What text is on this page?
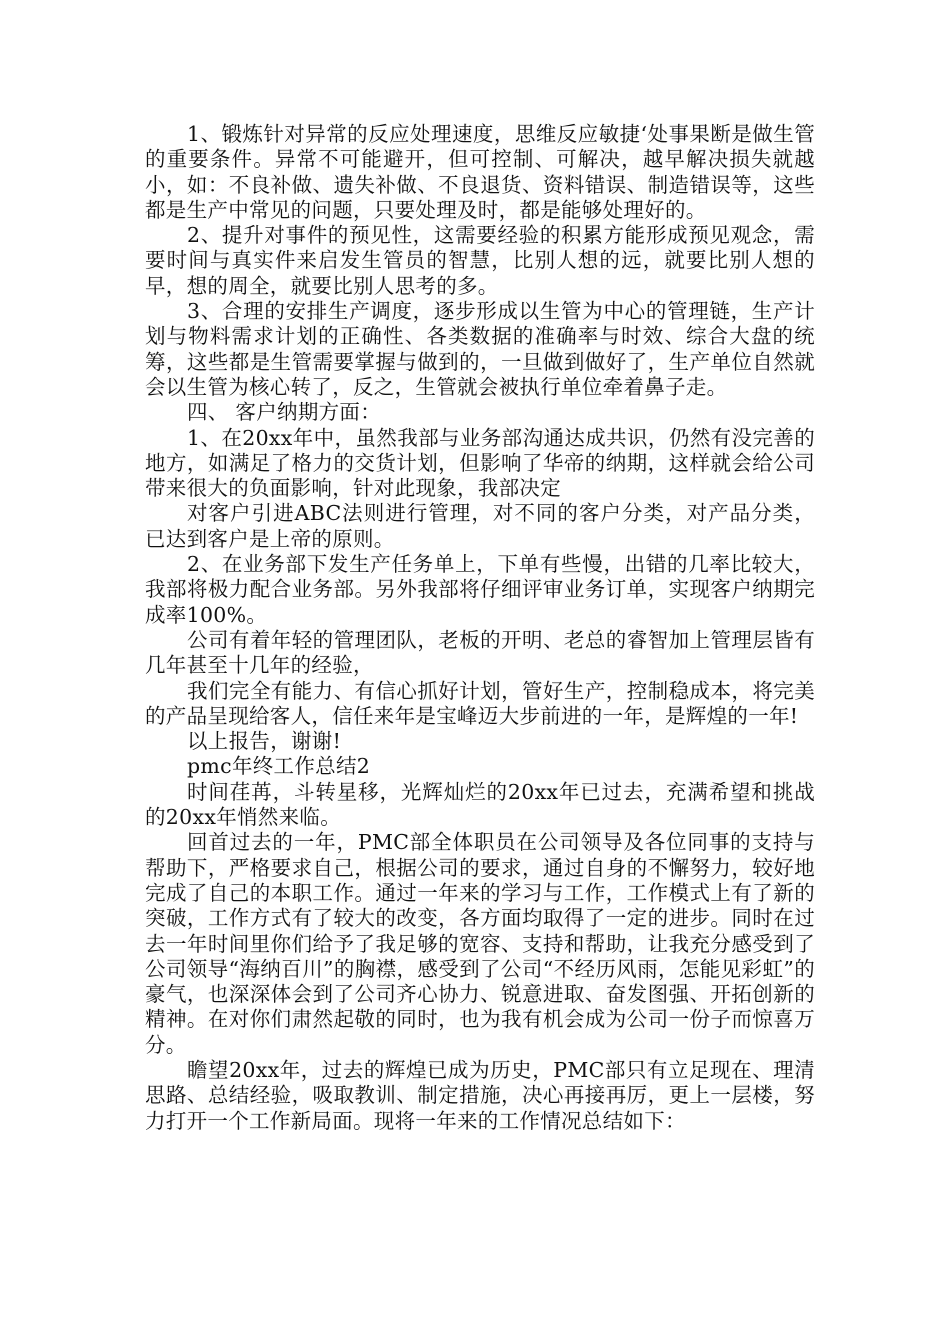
1、锻炼针对异常的反应处理速度，思维反应敏捷‘处事果断是做生管的重要条件。异常不可能避开，但可控制、可解决，越早解决损失就越小，如：不良补做、遗失补做、不良退货、资料错误、制造错误等，这些都是生产中常见的问题，只要处理及时，都是能够处理好的。

2、提升对事件的预见性，这需要经验的积累方能形成预见观念，需要时间与真实件来启发生管员的智慧，比别人想的远，就要比别人想的早，想的周全，就要比别人思考的多。

3、合理的安排生产调度，逐步形成以生管为中心的管理链，生产计划与物料需求计划的正确性、各类数据的准确率与时效、综合大盘的统筹，这些都是生管需要掌握与做到的，一旦做到做好了，生产单位自然就会以生管为核心转了，反之，生管就会被执行单位牵着鼻子走。

四、 客户纳期方面：

1、在20xx年中，虽然我部与业务部沟通达成共识，仍然有没完善的地方，如满足了格力的交货计划，但影响了华帝的纳期，这样就会给公司带来很大的负面影响，针对此现象，我部决定

对客户引进ABC法则进行管理，对不同的客户分类，对产品分类，已达到客户是上帝的原则。

2、在业务部下发生产任务单上，下单有些慢，出错的几率比较大，我部将极力配合业务部。另外我部将仔细评审业务订单，实现客户纳期完成率100%。

公司有着年轻的管理团队，老板的开明、老总的睿智加上管理层皆有几年甚至十几年的经验，

我们完全有能力、有信心抓好计划，管好生产，控制稳成本，将完美的产品呈现给客人，信任来年是宝峰迈大步前进的一年，是辉煌的一年!

以上报告，谢谢!

pmc年终工作总结2

时间荏苒，斗转星移，光辉灿烂的20xx年已过去，充满希望和挑战的20xx年悄然来临。

回首过去的一年，PMC部全体职员在公司领导及各位同事的支持与帮助下，严格要求自己，根据公司的要求，通过自身的不懈努力，较好地完成了自己的本职工作。通过一年来的学习与工作，工作模式上有了新的突破，工作方式有了较大的改变，各方面均取得了一定的进步。同时在过去一年时间里你们给予了我足够的宽容、支持和帮助，让我充分感受到了公司领导“海纳百川”的胸襟，感受到了公司“不经历风雨，怎能见彩虹”的豪气，也深深体会到了公司齐心协力、锐意进取、奋发图强、开拓创新的精神。在对你们肃然起敬的同时，也为我有机会成为公司一份子而惊喜万分。

瞻望20xx年，过去的辉煌已成为历史，PMC部只有立足现在、理清思路、总结经验，吸取教训、制定措施，决心再接再厉，更上一层楼，努力打开一个工作新局面。现将一年来的工作情况总结如下：
